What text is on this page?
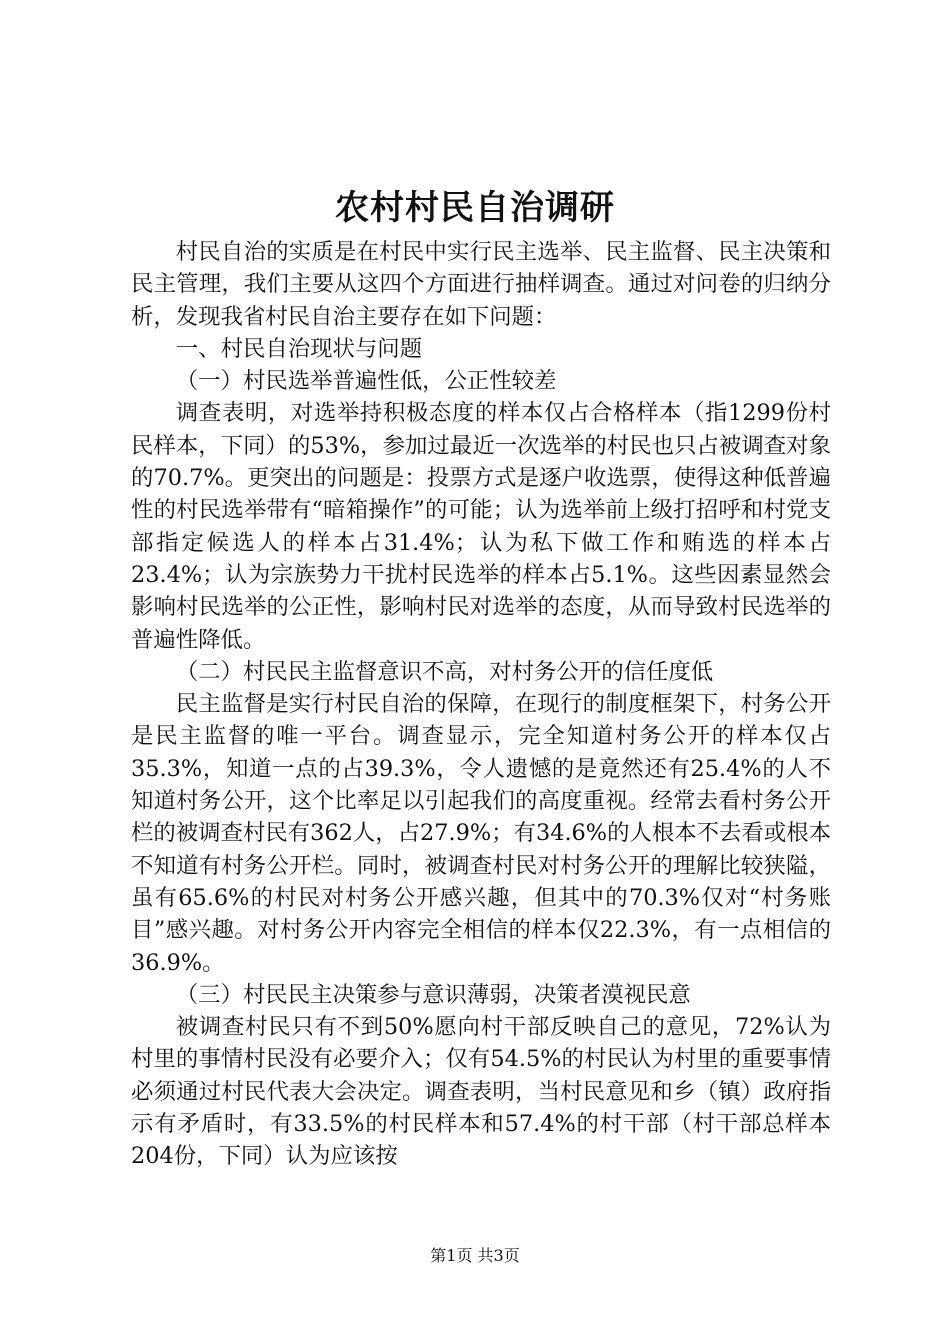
农村村民自治调研

村民自治的实质是在村民中实行民主选举、民主监督、民主决策和民主管理，我们主要从这四个方面进行抽样调查。通过对问卷的归纳分析，发现我省村民自治主要存在如下问题：

一、村民自治现状与问题

（一）村民选举普遍性低，公正性较差

调查表明，对选举持积极态度的样本仅占合格样本（指1299份村民样本，下同）的53%，参加过最近一次选举的村民也只占被调查对象的70.7%。更突出的问题是：投票方式是逐户收选票，使得这种低普遍性的村民选举带有“暗箱操作”的可能；认为选举前上级打招呼和村党支部指定候选人的样本占31.4%；认为私下做工作和贿选的样本占23.4%；认为宗族势力干扰村民选举的样本占5.1%。这些因素显然会影响村民选举的公正性，影响村民对选举的态度，从而导致村民选举的普遍性降低。

（二）村民民主监督意识不高，对村务公开的信任度低

民主监督是实行村民自治的保障，在现行的制度框架下，村务公开是民主监督的唯一平台。调查显示，完全知道村务公开的样本仅占35.3%，知道一点的占39.3%，令人遗憾的是竟然还有25.4%的人不知道村务公开，这个比率足以引起我们的高度重视。经常去看村务公开栏的被调查村民有362人，占27.9%；有34.6%的人根本不去看或根本不知道有村务公开栏。同时，被调查村民对村务公开的理解比较狭隘，虽有65.6%的村民对村务公开感兴趣，但其中的70.3%仅对“村务账目”感兴趣。对村务公开内容完全相信的样本仅22.3%，有一点相信的36.9%。

（三）村民民主决策参与意识薄弱，决策者漠视民意

被调查村民只有不到50%愿向村干部反映自己的意见，72%认为村里的事情村民没有必要介入；仅有54.5%的村民认为村里的重要事情必须通过村民代表大会决定。调查表明，当村民意见和乡（镇）政府指示有矛盾时，有33.5%的村民样本和57.4%的村干部（村干部总样本204份，下同）认为应该按

第1页 共3页
